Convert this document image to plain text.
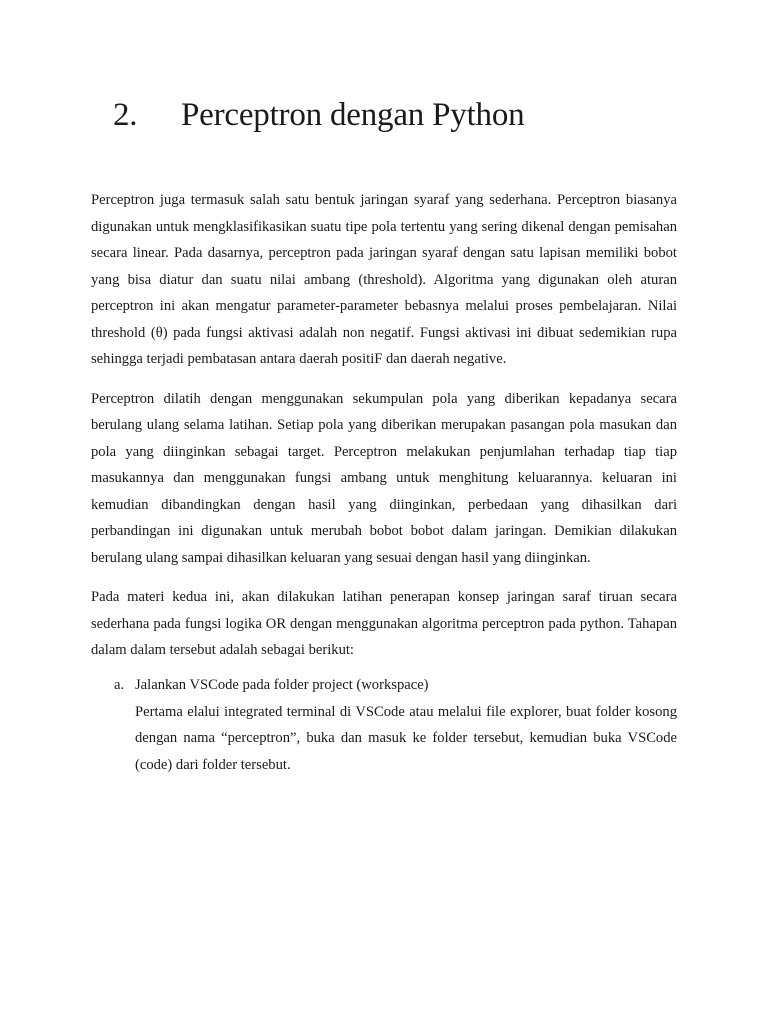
2. Perceptron dengan Python

Perceptron juga termasuk salah satu bentuk jaringan syaraf yang sederhana. Perceptron biasanya digunakan untuk mengklasifikasikan suatu tipe pola tertentu yang sering dikenal dengan pemisahan secara linear. Pada dasarnya, perceptron pada jaringan syaraf dengan satu lapisan memiliki bobot yang bisa diatur dan suatu nilai ambang (threshold). Algoritma yang digunakan oleh aturan perceptron ini akan mengatur parameter-parameter bebasnya melalui proses pembelajaran. Nilai threshold (θ) pada fungsi aktivasi adalah non negatif. Fungsi aktivasi ini dibuat sedemikian rupa sehingga terjadi pembatasan antara daerah positiF dan daerah negative.

Perceptron dilatih dengan menggunakan sekumpulan pola yang diberikan kepadanya secara berulang ulang selama latihan. Setiap pola yang diberikan merupakan pasangan pola masukan dan pola yang diinginkan sebagai target. Perceptron melakukan penjumlahan terhadap tiap tiap masukannya dan menggunakan fungsi ambang untuk menghitung keluarannya. keluaran ini kemudian dibandingkan dengan hasil yang diinginkan, perbedaan yang dihasilkan dari perbandingan ini digunakan untuk merubah bobot bobot dalam jaringan. Demikian dilakukan berulang ulang sampai dihasilkan keluaran yang sesuai dengan hasil yang diinginkan.

Pada materi kedua ini, akan dilakukan latihan penerapan konsep jaringan saraf tiruan secara sederhana pada fungsi logika OR dengan menggunakan algoritma perceptron pada python. Tahapan dalam dalam tersebut adalah sebagai berikut:

a. Jalankan VSCode pada folder project (workspace)
Pertama elalui integrated terminal di VSCode atau melalui file explorer, buat folder kosong dengan nama “perceptron”, buka dan masuk ke folder tersebut, kemudian buka VSCode (code) dari folder tersebut.
